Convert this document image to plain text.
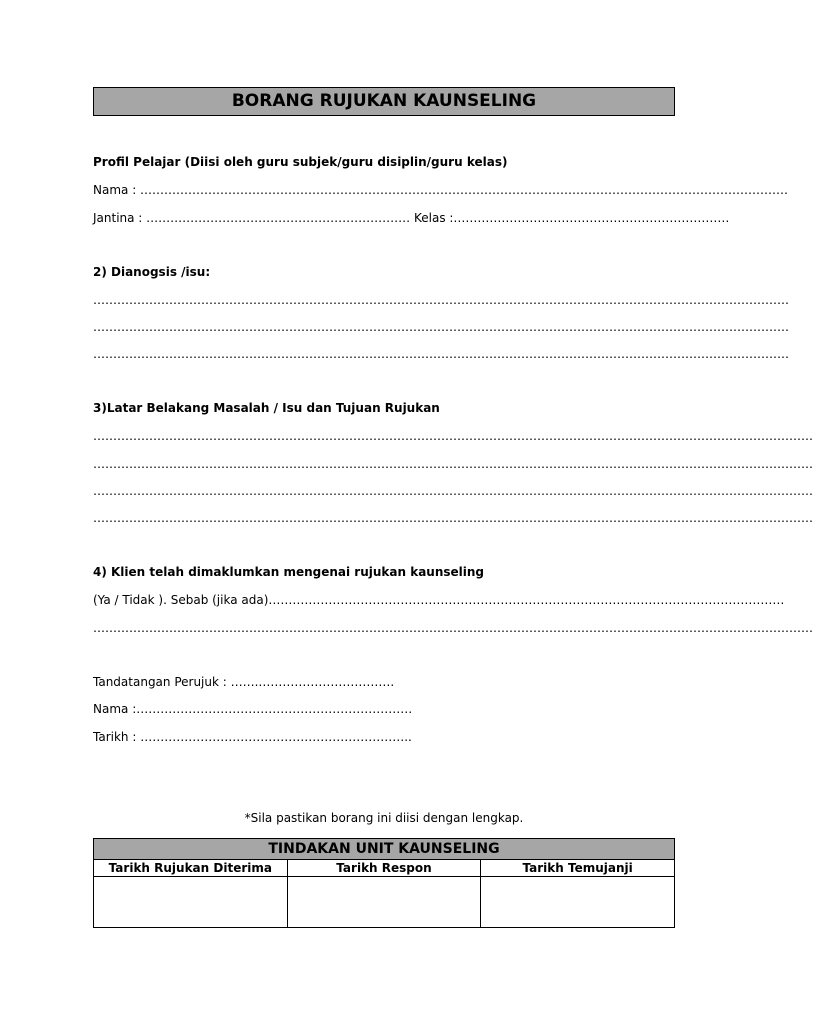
BORANG RUJUKAN KAUNSELING
Profil Pelajar (Diisi oleh guru subjek/guru disiplin/guru kelas)
Nama : ………………………………………………………………………………………………………………………………………………
Jantina : ………………………………………………………… Kelas :……………………………………………………………
2) Dianogsis /isu:
…………………………………………………………………………………………………………………………………………………………
…………………………………………………………………………………………………………………………………………………………
…………………………………………………………………………………………………………………………………………………………
3)Latar Belakang Masalah / Isu dan Tujuan Rujukan
………………………………………………………………………………………………………………………………………………………………
………………………………………………………………………………………………………………………………………………………………
………………………………………………………………………………………………………………………………………………………………
………………………………………………………………………………………………………………………………………………………………
4) Klien telah dimaklumkan mengenai rujukan kaunseling
(Ya / Tidak ). Sebab (jika ada)…………………………………………………………………………………………………………………
………………………………………………………………………………………………………………………………………………………………
Tandatangan Perujuk : …….…………………………….
Nama :……………………………………………………………
Tarikh : …………………………………………………………..
*Sila pastikan borang ini diisi dengan lengkap.
TINDAKAN UNIT KAUNSELING		
Tarikh Rujukan Diterima	Tarikh Respon	Tarikh Temujanji
